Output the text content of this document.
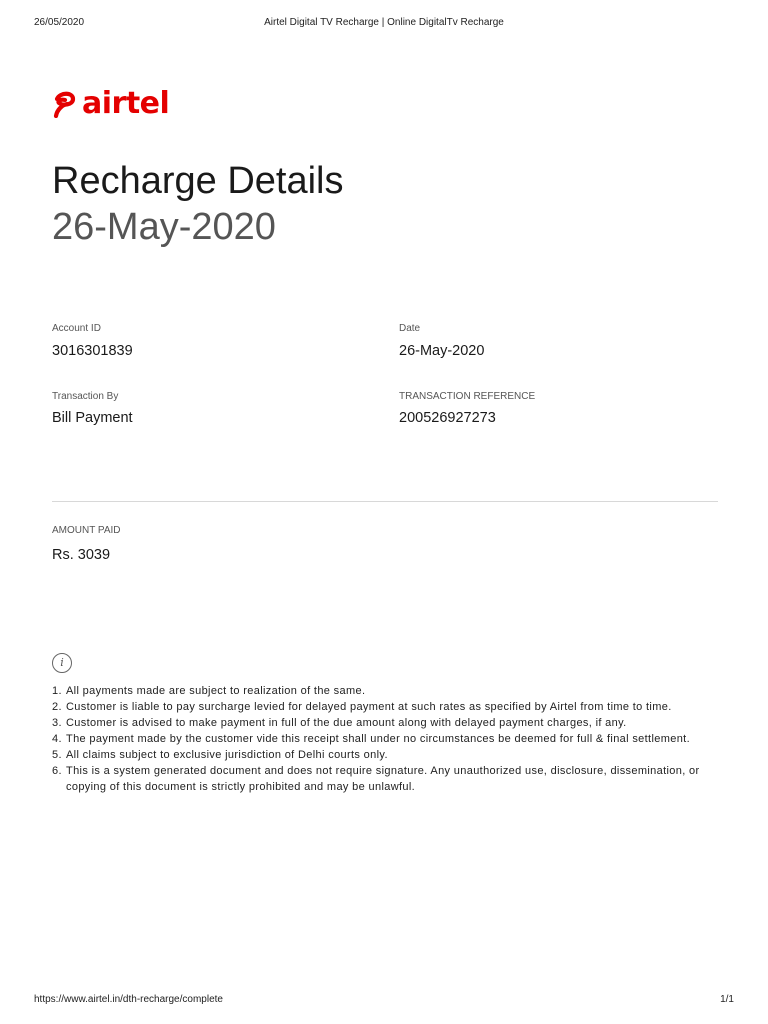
26/05/2020	Airtel Digital TV Recharge | Online DigitalTv Recharge
airtel
Recharge Details
26-May-2020
Account ID
3016301839
Date
26-May-2020
Transaction By
Bill Payment
TRANSACTION REFERENCE
200526927273
AMOUNT PAID
Rs. 3039
i
1. All payments made are subject to realization of the same.
2. Customer is liable to pay surcharge levied for delayed payment at such rates as specified by Airtel from time to time.
3. Customer is advised to make payment in full of the due amount along with delayed payment charges, if any.
4. The payment made by the customer vide this receipt shall under no circumstances be deemed for full & final settlement.
5. All claims subject to exclusive jurisdiction of Delhi courts only.
6. This is a system generated document and does not require signature. Any unauthorized use, disclosure, dissemination, or copying of this document is strictly prohibited and may be unlawful.
https://www.airtel.in/dth-recharge/complete	1/1
